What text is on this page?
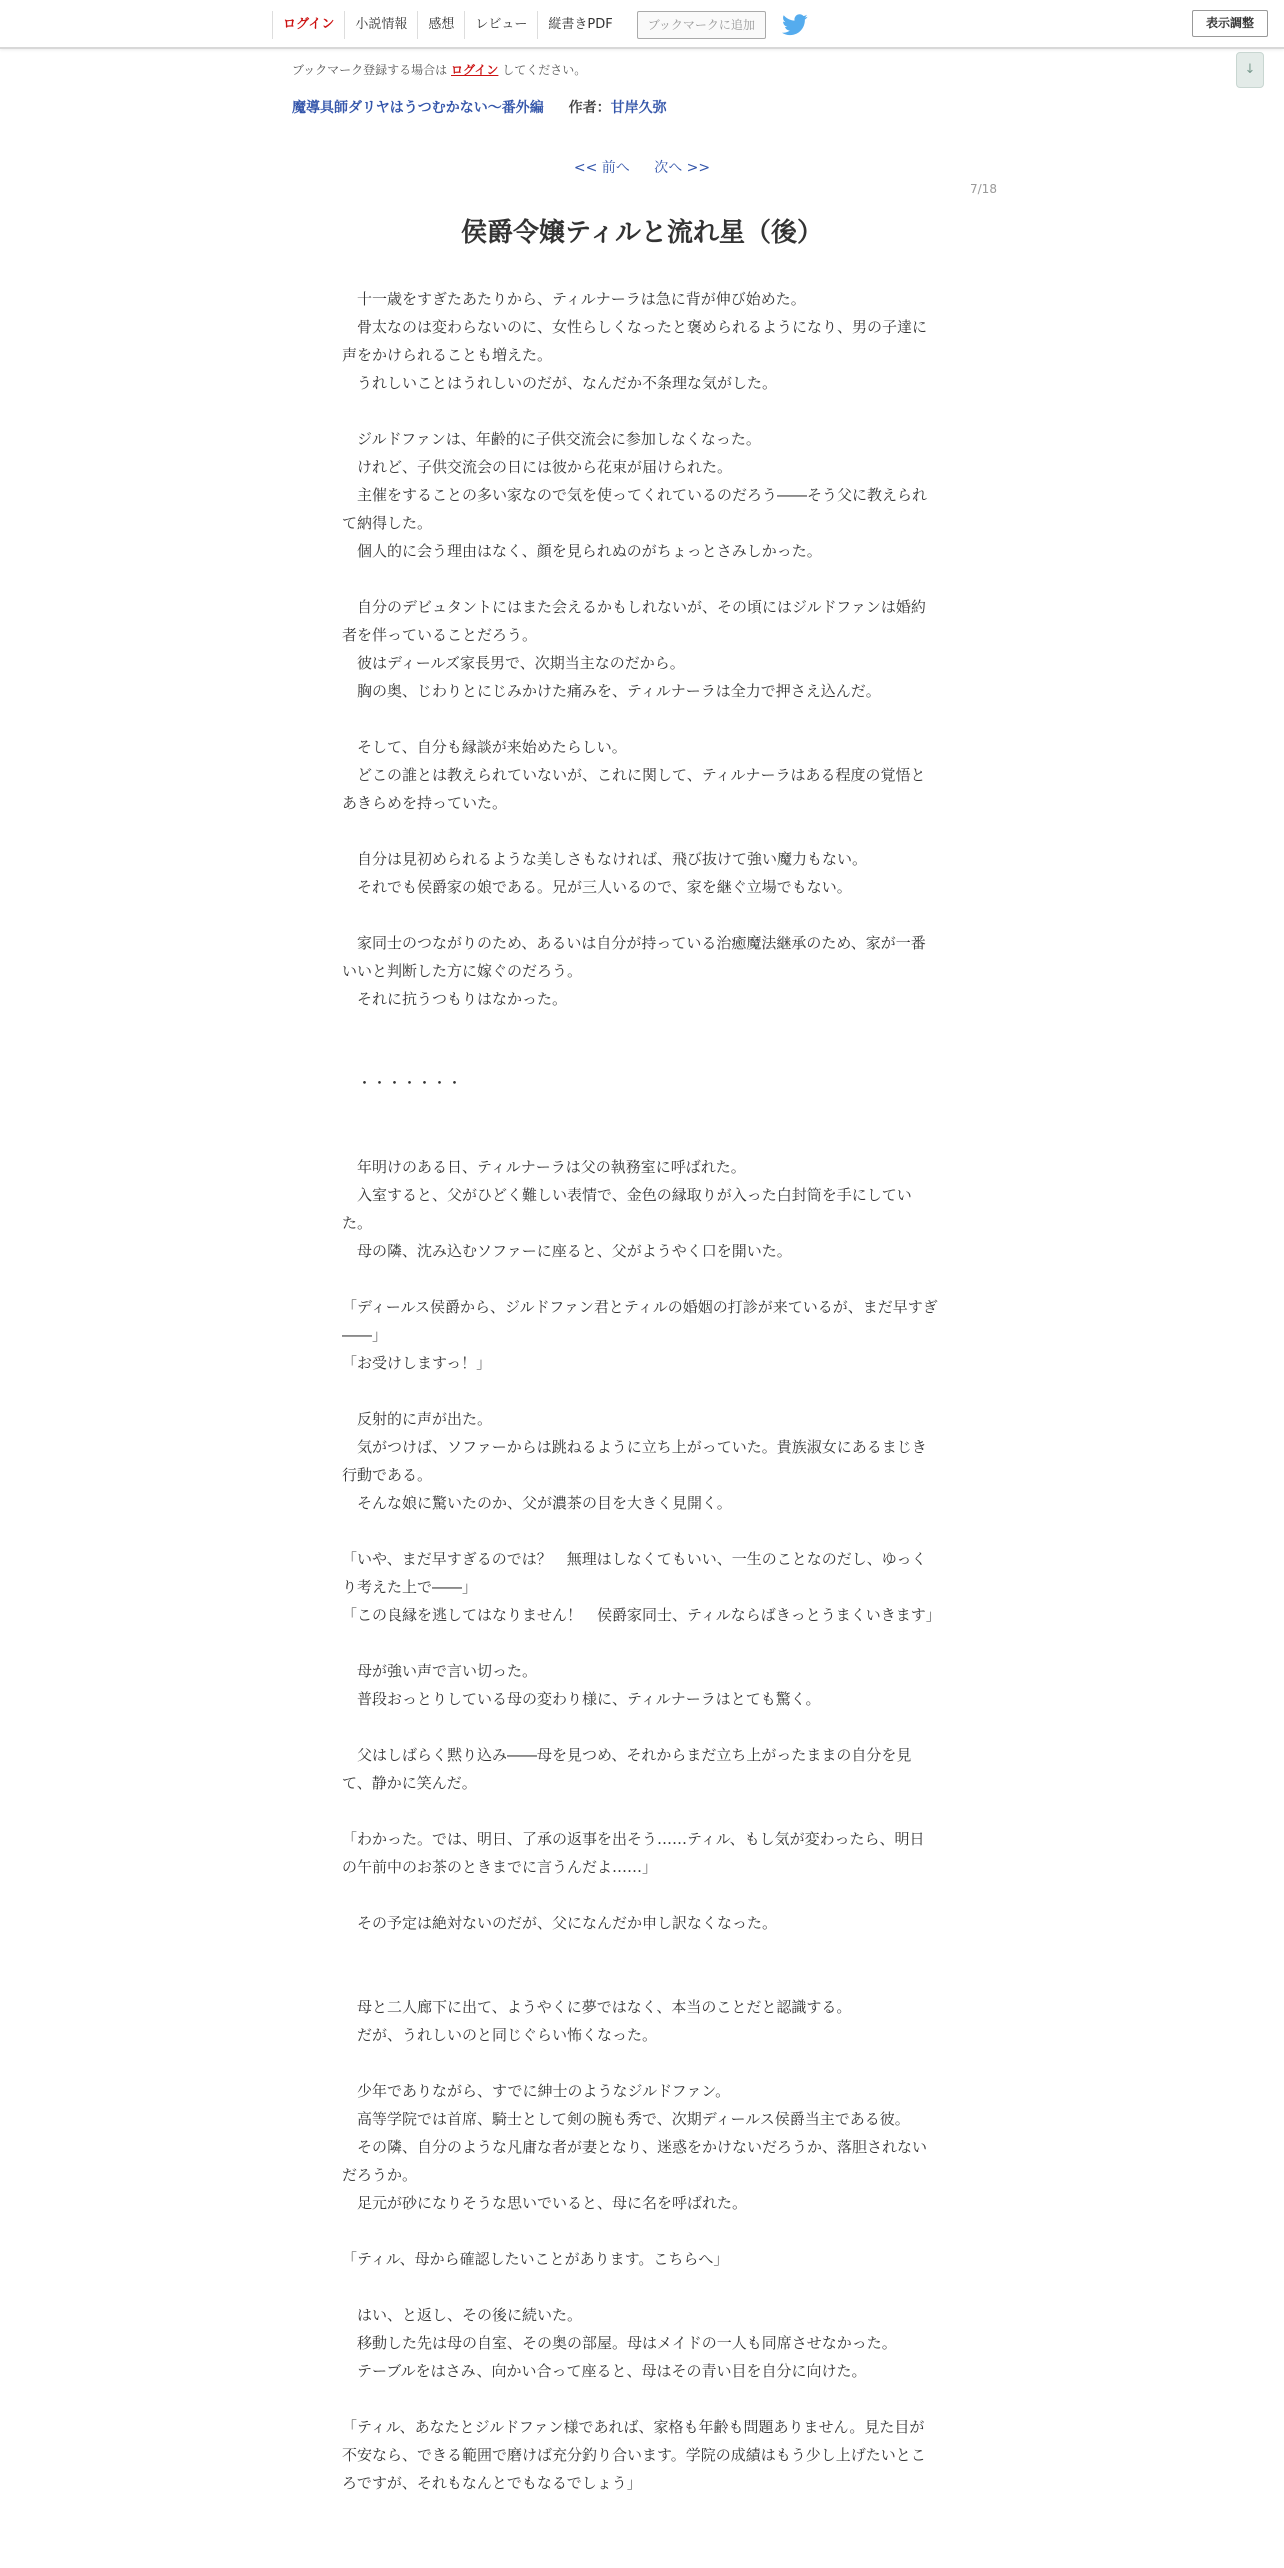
ログイン	小説情報	感想	レビュー	縦書きPDF	ブックマークに追加	表示調整
↓
ブックマーク登録する場合は ログイン してください。
魔導具師ダリヤはうつむかない～番外編 作者：甘岸久弥
<< 前へ 次へ >>
7/18
侯爵令嬢ティルと流れ星（後）

　十一歳をすぎたあたりから、ティルナーラは急に背が伸び始めた。

　骨太なのは変わらないのに、女性らしくなったと褒められるようになり、男の子達に声をかけられることも増えた。

　うれしいことはうれしいのだが、なんだか不条理な気がした。

　ジルドファンは、年齢的に子供交流会に参加しなくなった。

　けれど、子供交流会の日には彼から花束が届けられた。

　主催をすることの多い家なので気を使ってくれているのだろう――そう父に教えられて納得した。

　個人的に会う理由はなく、顔を見られぬのがちょっとさみしかった。

　自分のデビュタントにはまた会えるかもしれないが、その頃にはジルドファンは婚約者を伴っていることだろう。

　彼はディールズ家長男で、次期当主なのだから。

　胸の奥、じわりとにじみかけた痛みを、ティルナーラは全力で押さえ込んだ。

　そして、自分も縁談が来始めたらしい。

　どこの誰とは教えられていないが、これに関して、ティルナーラはある程度の覚悟とあきらめを持っていた。

　自分は見初められるような美しさもなければ、飛び抜けて強い魔力もない。

　それでも侯爵家の娘である。兄が三人いるので、家を継ぐ立場でもない。

　家同士のつながりのため、あるいは自分が持っている治癒魔法継承のため、家が一番いいと判断した方に嫁ぐのだろう。

　それに抗うつもりはなかった。

　・・・・・・・

　年明けのある日、ティルナーラは父の執務室に呼ばれた。

　入室すると、父がひどく難しい表情で、金色の縁取りが入った白封筒を手にしていた。

　母の隣、沈み込むソファーに座ると、父がようやく口を開いた。

「ディールス侯爵から、ジルドファン君とティルの婚姻の打診が来ているが、まだ早すぎ――」

「お受けしますっ！」

　反射的に声が出た。

　気がつけば、ソファーからは跳ねるように立ち上がっていた。貴族淑女にあるまじき行動である。

　そんな娘に驚いたのか、父が濃茶の目を大きく見開く。

「いや、まだ早すぎるのでは？　無理はしなくてもいい、一生のことなのだし、ゆっくり考えた上で――」

「この良縁を逃してはなりません！　侯爵家同士、ティルならばきっとうまくいきます」

　母が強い声で言い切った。

　普段おっとりしている母の変わり様に、ティルナーラはとても驚く。

　父はしばらく黙り込み――母を見つめ、それからまだ立ち上がったままの自分を見て、静かに笑んだ。

「わかった。では、明日、了承の返事を出そう……ティル、もし気が変わったら、明日の午前中のお茶のときまでに言うんだよ……」

　その予定は絶対ないのだが、父になんだか申し訳なくなった。

　母と二人廊下に出て、ようやくに夢ではなく、本当のことだと認識する。

　だが、うれしいのと同じぐらい怖くなった。

　少年でありながら、すでに紳士のようなジルドファン。

　高等学院では首席、騎士として剣の腕も秀で、次期ディールス侯爵当主である彼。

　その隣、自分のような凡庸な者が妻となり、迷惑をかけないだろうか、落胆されないだろうか。

　足元が砂になりそうな思いでいると、母に名を呼ばれた。

「ティル、母から確認したいことがあります。こちらへ」

　はい、と返し、その後に続いた。

　移動した先は母の自室、その奥の部屋。母はメイドの一人も同席させなかった。

　テーブルをはさみ、向かい合って座ると、母はその青い目を自分に向けた。

「ティル、あなたとジルドファン様であれば、家格も年齢も問題ありません。見た目が不安なら、できる範囲で磨けば充分釣り合います。学院の成績はもう少し上げたいところですが、それもなんとでもなるでしょう」
